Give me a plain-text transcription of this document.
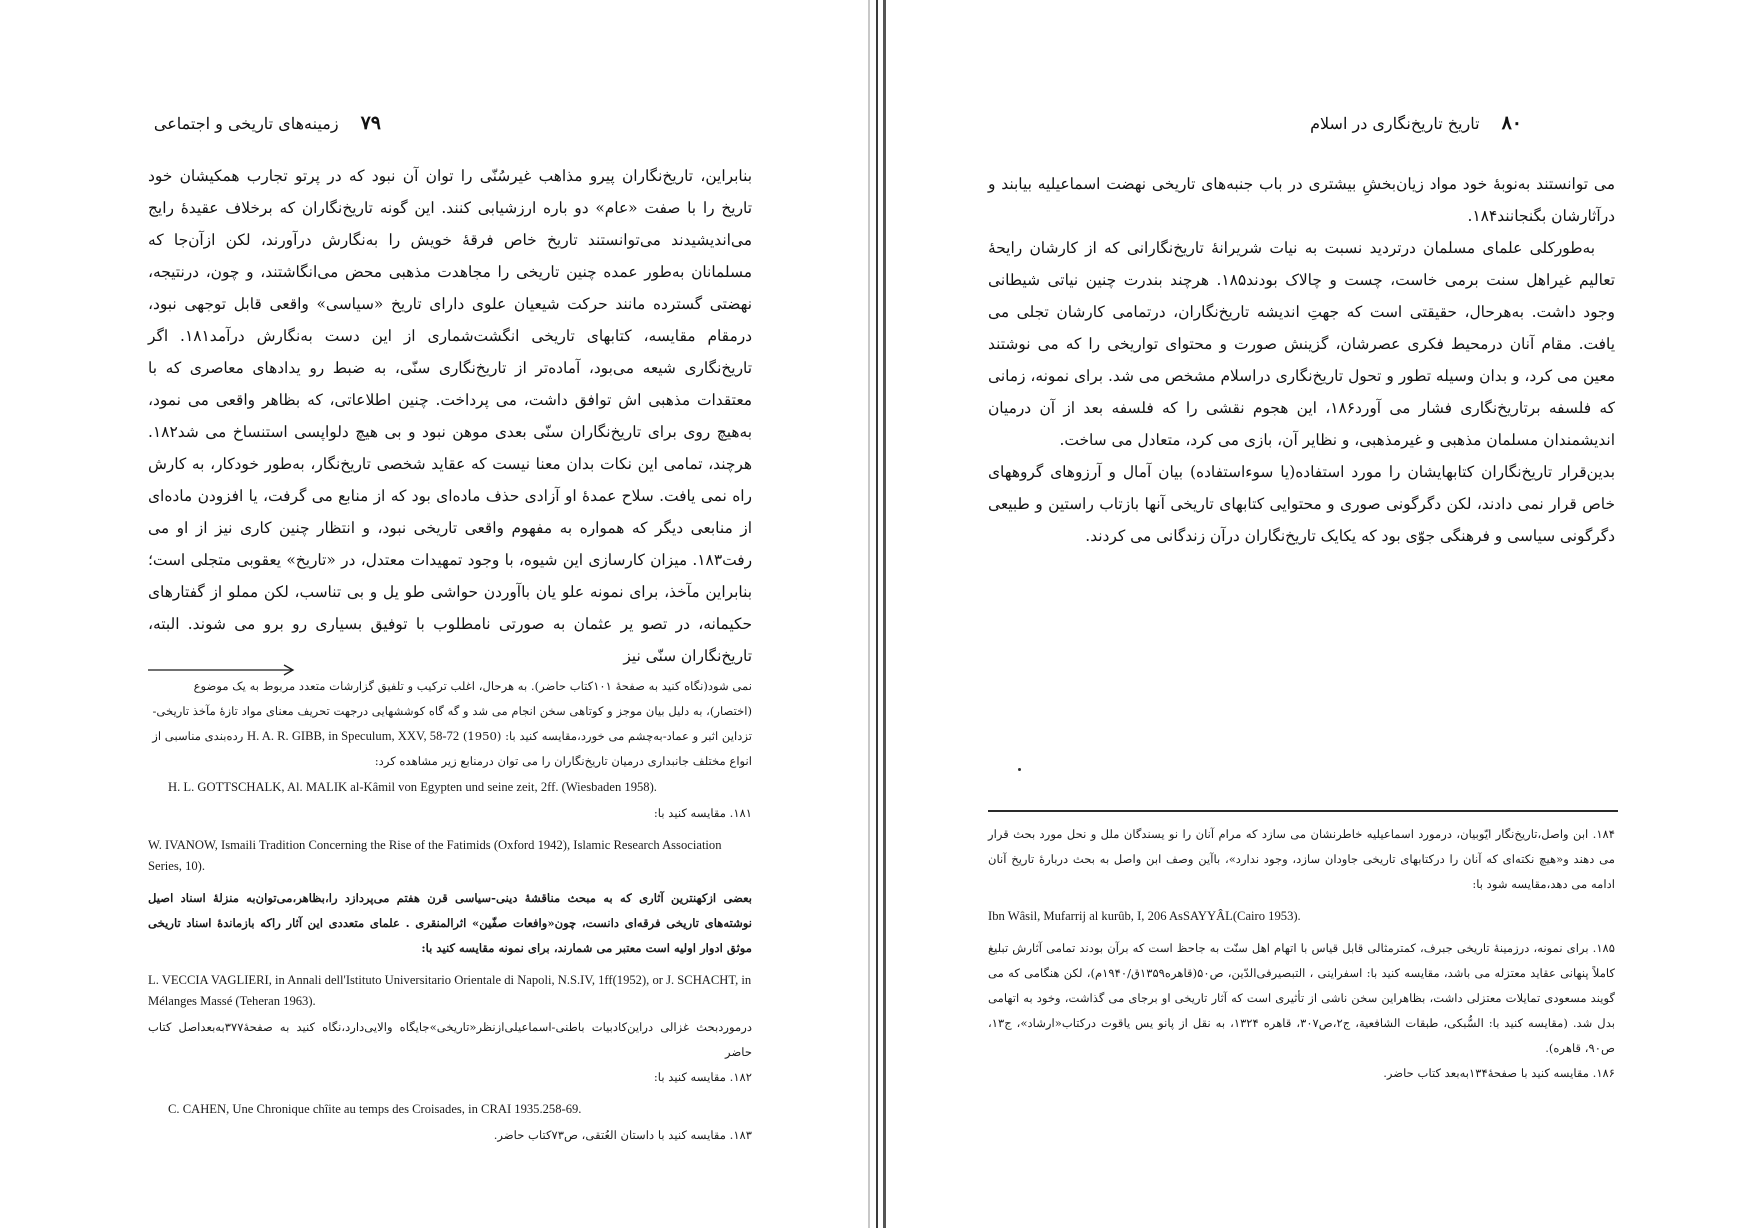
۷۹زمینه‌های تاریخی و اجتماعی

بنابراین، تاریخ‌نگاران پیرو مذاهب غیرسُنّی را توان آن نبود که در پرتو تجارب همکیشان خود تاریخ را با صفت «عام» دو باره ارزشیابی کنند. این گونه تاریخ‌نگاران که برخلاف عقیدهٔ رایج می‌اندیشیدند می‌توانستند تاریخ خاص فرقهٔ خویش را به‌نگارش درآورند، لکن ازآن‌جا که مسلمانان به‌طور عمده چنین تاریخی را مجاهدت مذهبی محض می‌انگاشتند، و چون، درنتیجه، نهضتی گسترده مانند حرکت شیعیان علوی دارای تاریخ «سیاسی» واقعی قابل توجهی نبود، درمقام مقایسه، کتابهای تاریخی انگشت‌شماری از این دست به‌نگارش درآمد۱۸۱. اگر تاریخ‌نگاری شیعه می‌بود، آماده‌تر از تاریخ‌نگاری سنّی، به ضبط رو یدادهای معاصری که با معتقدات مذهبی اش توافق داشت، می پرداخت. چنین اطلاعاتی، که بظاهر واقعی می نمود، به‌هیچ روی برای تاریخ‌نگاران سنّی بعدی موهن نبود و بی هیچ دلواپسی استنساخ می شد۱۸۲. هرچند، تمامی این نکات بدان معنا نیست که عقاید شخصی تاریخ‌نگار، به‌طور خودکار، به کارش راه نمی یافت. سلاح عمدهٔ او آزادی حذف ماده‌ای بود که از منابع می گرفت، یا افزودن ماده‌ای از منابعی دیگر که همواره به مفهوم واقعی تاریخی نبود، و انتظار چنین کاری نیز از او می رفت۱۸۳. میزان کارسازی این شیوه، با وجود تمهیدات معتدل، در «تاریخ» یعقوبی متجلی است؛ بنابراین مآخذ، برای نمونه علو یان باآوردن حواشی طو یل و بی تناسب، لکن مملو از گفتارهای حکیمانه، در تصو یر عثمان به صورتی نامطلوب با توفیق بسیاری رو برو می شوند. البته، تاریخ‌نگاران سنّی نیز

نمی شود(نگاه کنید به صفحهٔ ۱۰۱کتاب حاضر). به هرحال، اغلب ترکیب و تلفیق گزارشات متعدد مربوط به یک موضوع (اختصار)، به دلیل بیان موجز و کوتاهی سخن انجام می شد و گه گاه کوششهایی درجهت تحریف معنای مواد تازهٔ مآخذ تاریخی-تزداین اثبر و عماد-به‌چشم می خورد،مقایسه کنید با: (1950) H. A. R. GIBB, in Speculum, XXV, 58-72 رده‌بندی مناسبی از انواع مختلف جانبداری درمیان تاریخ‌نگاران را می توان درمنابع زیر مشاهده کرد:

H. L. GOTTSCHALK, Al. MALIK al-Kâmil von Egypten und seine zeit, 2ff. (Wiesbaden 1958).

۱۸۱. مقایسه کنید با:

W. IVANOW, Ismaili Tradition Concerning the Rise of the Fatimids (Oxford 1942), Islamic Research Association Series, 10).

بعضی ازکهنترین آثاری که به مبحث مناقشهٔ دینی-سیاسی قرن هفتم می‌پردازد را،بظاهر،می‌توان‌به منزلهٔ اسناد اصیل نوشته‌های تاریخی فرقه‌ای دانست، چون«وافعات صفّین» اثرالمنقری . علمای متعددی این آثار راکه بازماندهٔ اسناد تاریخی موثق ادوار اولیه است معتبر می شمارند، برای نمونه مقایسه کنید با:

L. VECCIA VAGLIERI, in Annali dell'Istituto Universitario Orientale di Napoli, N.S.IV, 1ff(1952), or J. SCHACHT, in Mélanges Massé (Teheran 1963).

درمورد‌بحث غزالی دراین‌کادبیات باطنی-اسماعیلی‌ازنظر«تاریخی»جایگاه والایی‌دارد،نگاه کنید به صفحهٔ۳۷۷به‌بعداصل کتاب حاضر

۱۸۲. مقایسه کنید با:

C. CAHEN, Une Chronique chîite au temps des Croisades, in CRAI 1935.258-69.

۱۸۳. مقایسه کنید با داستان العُتقی، ص۷۳کتاب حاضر.

۸۰تاریخ تاریخ‌نگاری در اسلام

می توانستند به‌نوبهٔ خود مواد زیان‌بخشِ بیشتری در باب جنبه‌های تاریخی نهضت اسماعیلیه بیابند و درآثارشان بگنجانند۱۸۴.

به‌طورکلی علمای مسلمان درتردید نسبت به نیات شریرانهٔ تاریخ‌نگارانی که از کارشان رایحهٔ تعالیم غیراهل سنت برمی خاست، چست و چالاک بودند۱۸۵. هرچند بندرت چنین نیاتی شیطانی وجود داشت. به‌هرحال، حقیقتی است که جهتِ اندیشه تاریخ‌نگاران، درتمامی کارشان تجلی می یافت. مقام آنان درمحیط فکری عصرشان، گزینش صورت و محتوای تواریخی را که می نوشتند معین می کرد، و بدان وسیله تطور و تحول تاریخ‌نگاری دراسلام مشخص می شد. برای نمونه، زمانی که فلسفه برتاریخ‌نگاری فشار می آورد۱۸۶، این هجوم نقشی را که فلسفه بعد از آن درمیان اندیشمندان مسلمان مذهبی و غیرمذهبی، و نظایر آن، بازی می کرد، متعادل می ساخت.

بدین‌قرار تاریخ‌نگاران کتابهایشان را مورد استفاده(یا سوءاستفاده) بیان آمال و آرزوهای گروههای خاص قرار نمی دادند، لکن دگرگونی صوری و محتوایی کتابهای تاریخی آنها بازتاب راستین و طبیعی دگرگونی سیاسی و فرهنگی جوّی بود که یکایک تاریخ‌نگاران درآن زندگانی می کردند.

۱۸۴. ابن واصل،تاریخ‌نگار ایّوبیان، درمورد اسماعیلیه خاطرنشان می سازد که مرام آنان را نو یسندگان ملل و نحل مورد بحث قرار می دهند و«هیچ نکته‌ای که آنان را درکتابهای تاریخی جاودان سازد، وجود ندارد»، باآین وصف ابن واصل به بحث دربارهٔ تاریخ آنان ادامه می دهد،مقایسه شود با:

Ibn Wâsil, Mufarrij al kurûb, I, 206 AsSAYYÂL(Cairo 1953).

۱۸۵. برای نمونه، درزمینهٔ تاریخی جبرف، کمترمثالی قابل قیاس با اتهام اهل سنّت به جاحظ است که برآن بودند تمامی آثارش تبلیغ کاملاً پنهانی عقاید معتزله می باشد، مقایسه کنید با: اسفراینی ، التبصیرفی‌الدّین، ص۵۰(قاهره۱۳۵۹ق/۱۹۴۰م)، لکن هنگامی که می گویند مسعودی تمایلات معتزلی داشت، بظاهراین سخن ناشی از تأثیری است که آثار تاریخی او برجای می گذاشت، وخود به اتهامی بدل شد. (مقایسه کنید با: السُّبکی، طبقات الشافعیة، ج۲،ص۳۰۷، قاهره ۱۳۲۴، به نقل از پانو یس یاقوت درکتاب«ارشاد»، ج۱۳، ص۹۰، قاهره).

۱۸۶. مقایسه کنید با صفحهٔ۱۳۴به‌بعد کتاب حاضر.
